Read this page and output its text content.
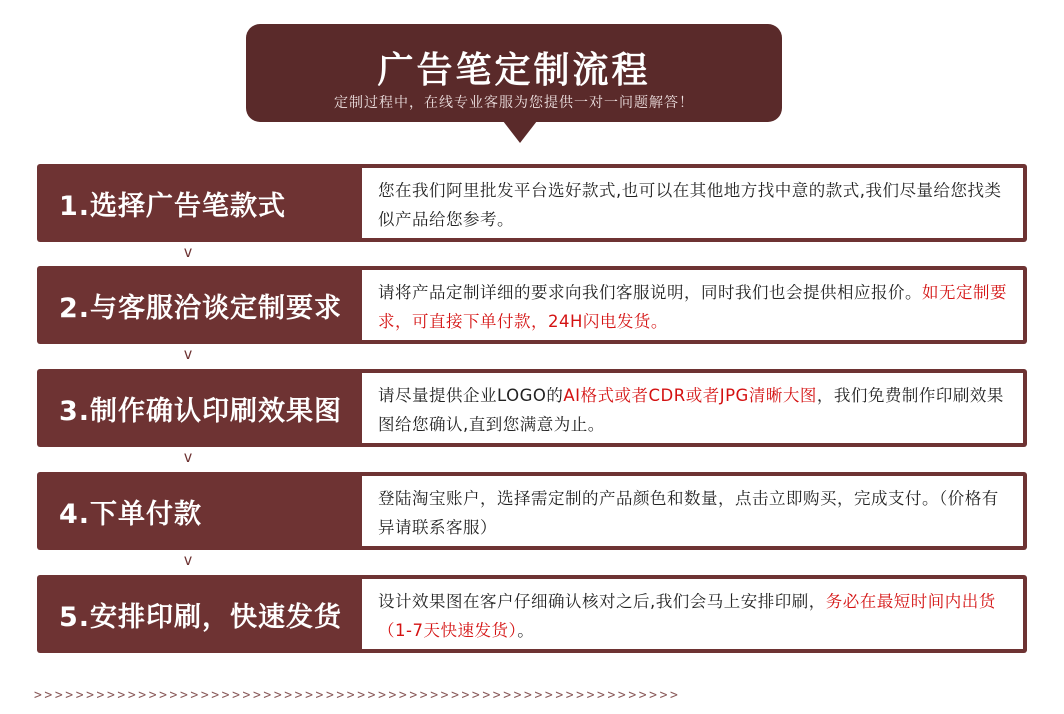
广告笔定制流程
定制过程中，在线专业客服为您提供一对一问题解答！
1.选择广告笔款式	您在我们阿里批发平台选好款式,也可以在其他地方找中意的款式,我们尽量给您找类似产品给您参考。
v
2.与客服洽谈定制要求	请将产品定制详细的要求向我们客服说明，同时我们也会提供相应报价。如无定制要求，可直接下单付款，24H闪电发货。
v
3.制作确认印刷效果图	请尽量提供企业LOGO的AI格式或者CDR或者JPG清晰大图，我们免费制作印刷效果图给您确认,直到您满意为止。
v
4.下单付款	登陆淘宝账户，选择需定制的产品颜色和数量，点击立即购买，完成支付。（价格有异请联系客服）
v
5.安排印刷，快速发货	设计效果图在客户仔细确认核对之后,我们会马上安排印刷，务必在最短时间内出货（1-7天快速发货）。
>>>>>>>>>>>>>>>>>>>>>>>>>>>>>>>>>>>>>>>>>>>>>>>>>>>>>>>>>>>>>>
